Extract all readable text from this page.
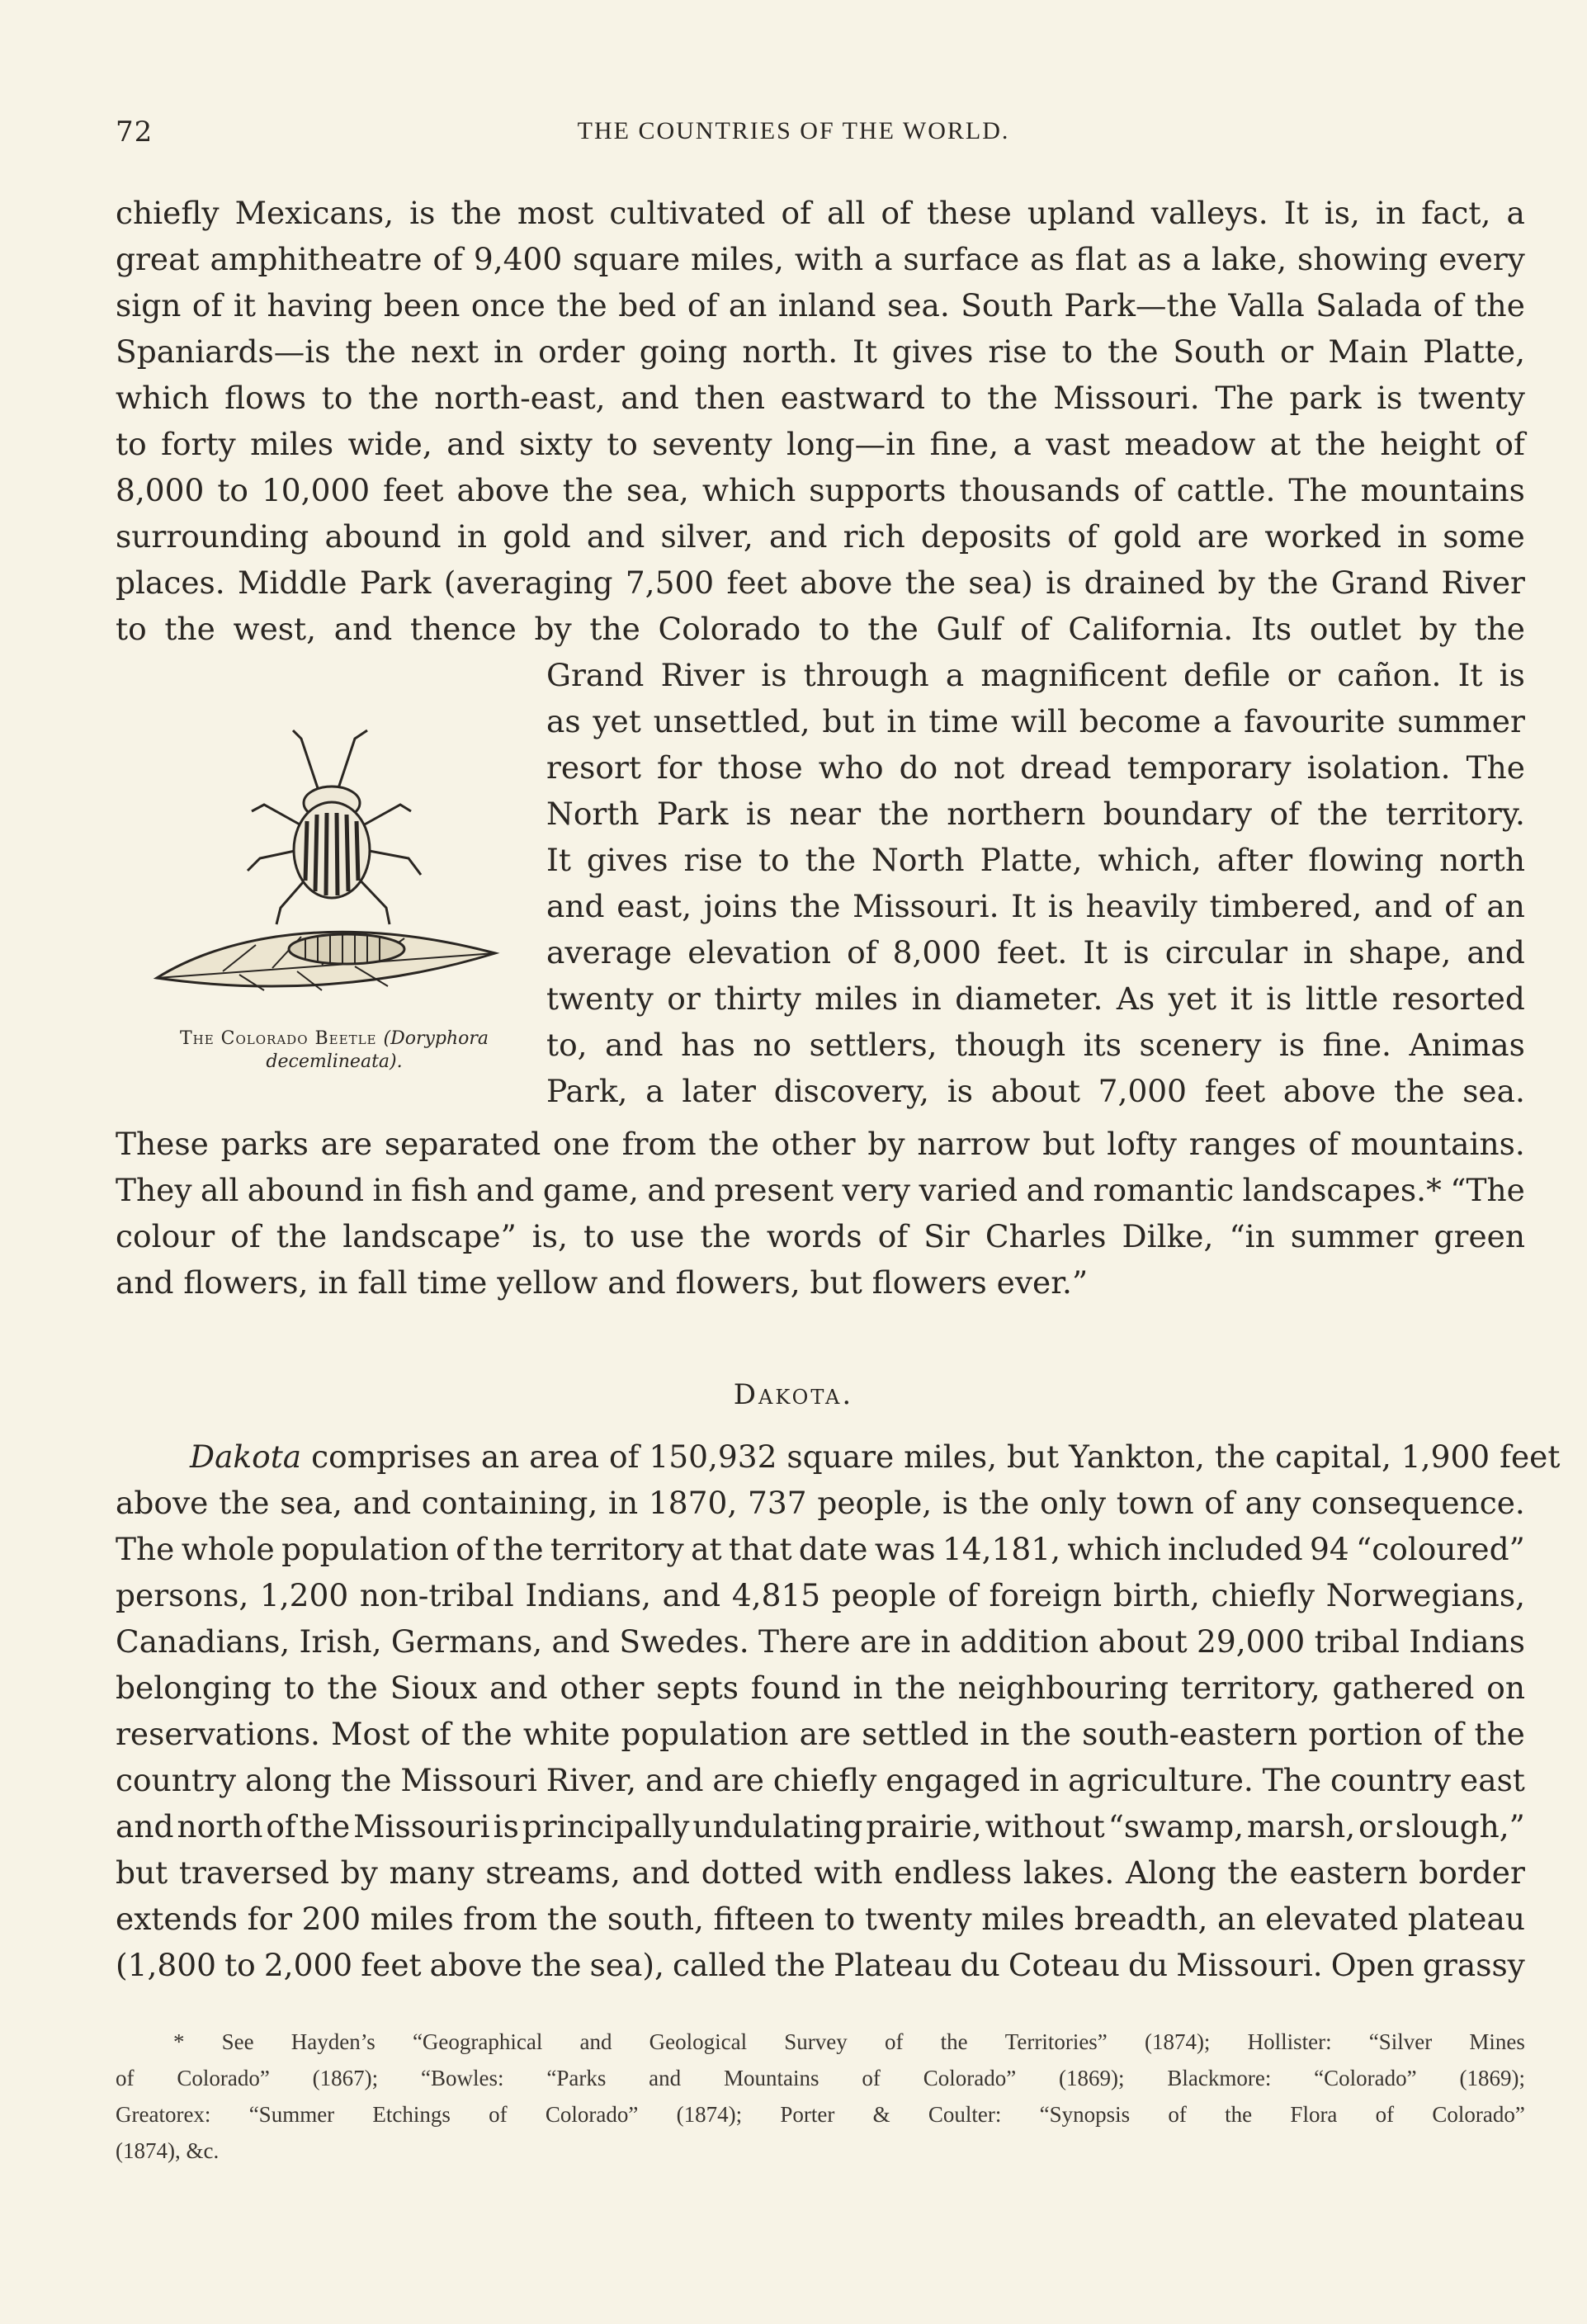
72	THE COUNTRIES OF THE WORLD.
chiefly Mexicans, is the most cultivated of all of these upland valleys. It is, in fact, a
great amphitheatre of 9,400 square miles, with a surface as flat as a lake, showing every
sign of it having been once the bed of an inland sea. South Park—the Valla Salada of the
Spaniards—is the next in order going north. It gives rise to the South or Main Platte,
which flows to the north-east, and then eastward to the Missouri. The park is twenty
to forty miles wide, and sixty to seventy long—in fine, a vast meadow at the height of
8,000 to 10,000 feet above the sea, which supports thousands of cattle. The mountains
surrounding abound in gold and silver, and rich deposits of gold are worked in some
places. Middle Park (averaging 7,500 feet above the sea) is drained by the Grand River
to the west, and thence by the Colorado to the Gulf of California. Its outlet by the
The Colorado Beetle (Doryphora
decemlineata).
Grand River is through a magnificent defile or cañon. It is
as yet unsettled, but in time will become a favourite summer
resort for those who do not dread temporary isolation. The
North Park is near the northern boundary of the territory.
It gives rise to the North Platte, which, after flowing north
and east, joins the Missouri. It is heavily timbered, and of an
average elevation of 8,000 feet. It is circular in shape, and
twenty or thirty miles in diameter. As yet it is little resorted
to, and has no settlers, though its scenery is fine. Animas
Park, a later discovery, is about 7,000 feet above the sea.
These parks are separated one from the other by narrow but lofty ranges of mountains.
They all abound in fish and game, and present very varied and romantic landscapes.* “The
colour of the landscape” is, to use the words of Sir Charles Dilke, “in summer green
and flowers, in fall time yellow and flowers, but flowers ever.”
Dakota.
Dakota comprises an area of 150,932 square miles, but Yankton, the capital, 1,900 feet
above the sea, and containing, in 1870, 737 people, is the only town of any consequence.
The whole population of the territory at that date was 14,181, which included 94 “coloured”
persons, 1,200 non-tribal Indians, and 4,815 people of foreign birth, chiefly Norwegians,
Canadians, Irish, Germans, and Swedes. There are in addition about 29,000 tribal Indians
belonging to the Sioux and other septs found in the neighbouring territory, gathered on
reservations. Most of the white population are settled in the south-eastern portion of the
country along the Missouri River, and are chiefly engaged in agriculture. The country east
and north of the Missouri is principally undulating prairie, without “swamp, marsh, or slough,”
but traversed by many streams, and dotted with endless lakes. Along the eastern border
extends for 200 miles from the south, fifteen to twenty miles breadth, an elevated plateau
(1,800 to 2,000 feet above the sea), called the Plateau du Coteau du Missouri. Open grassy
* See Hayden’s “Geographical and Geological Survey of the Territories” (1874); Hollister: “Silver Mines
of Colorado” (1867); “Bowles: “Parks and Mountains of Colorado” (1869); Blackmore: “Colorado” (1869);
Greatorex: “Summer Etchings of Colorado” (1874); Porter & Coulter: “Synopsis of the Flora of Colorado”
(1874), &c.
